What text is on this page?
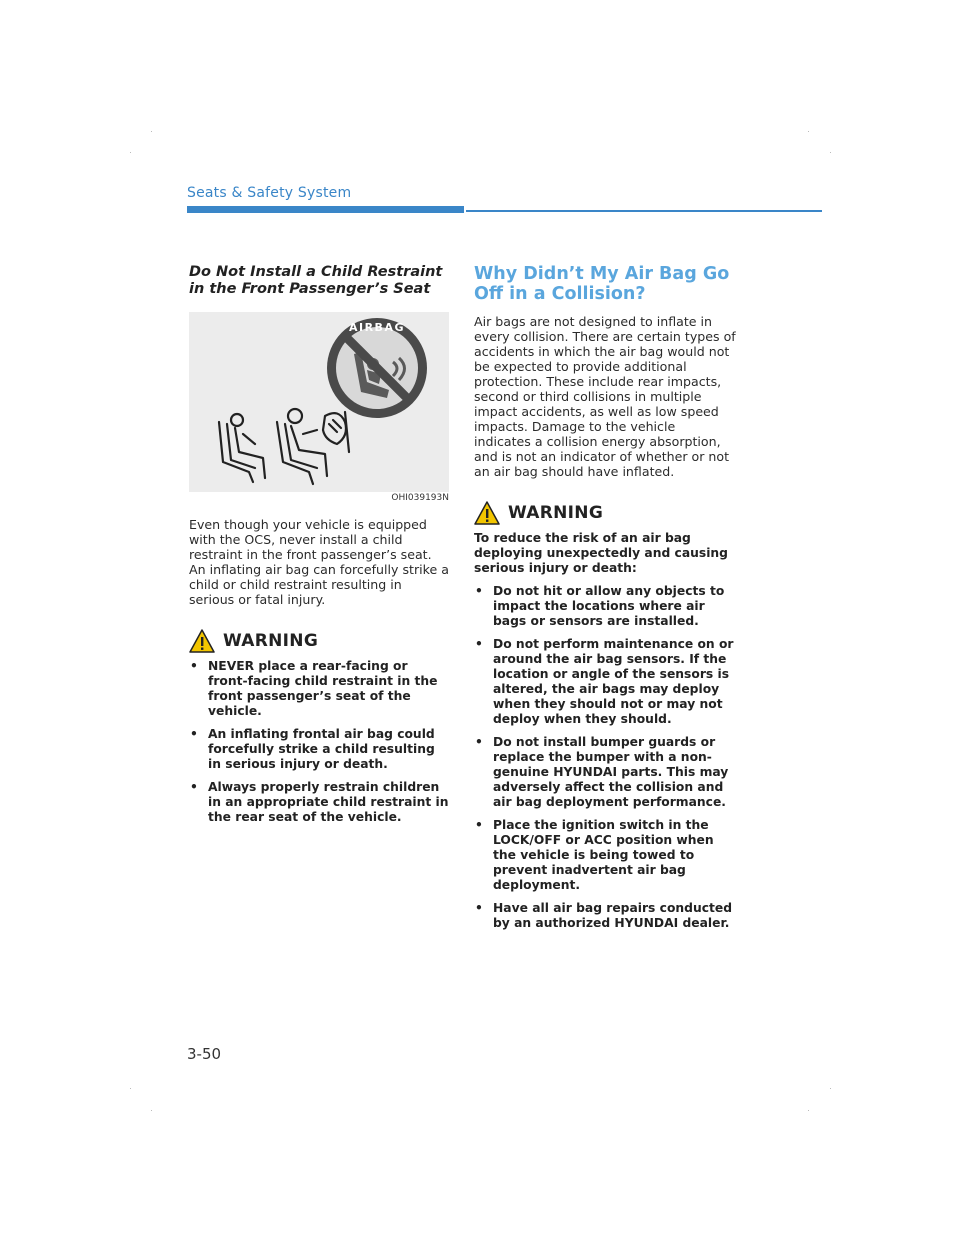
Seats & Safety System
Do Not Install a Child Restraint in the Front Passenger’s Seat
AIRBAG
OHI039193N

Even though your vehicle is equipped with the OCS, never install a child restraint in the front passenger’s seat. An inflating air bag can forcefully strike a child or child restraint resulting in serious or fatal injury.

WARNING
• NEVER place a rear-facing or front-facing child restraint in the front passenger’s seat of the vehicle.
• An inflating frontal air bag could forcefully strike a child resulting in serious injury or death.
• Always properly restrain children in an appropriate child restraint in the rear seat of the vehicle.
Why Didn’t My Air Bag Go Off in a Collision?

Air bags are not designed to inflate in every collision. There are certain types of accidents in which the air bag would not be expected to provide additional protection. These include rear impacts, second or third collisions in multiple impact accidents, as well as low speed impacts. Damage to the vehicle indicates a collision energy absorption, and is not an indicator of whether or not an air bag should have inflated.

WARNING

To reduce the risk of an air bag deploying unexpectedly and causing serious injury or death:

• Do not hit or allow any objects to impact the locations where air bags or sensors are installed.
• Do not perform maintenance on or around the air bag sensors. If the location or angle of the sensors is altered, the air bags may deploy when they should not or may not deploy when they should.
• Do not install bumper guards or replace the bumper with a non-genuine HYUNDAI parts. This may adversely affect the collision and air bag deployment performance.
• Place the ignition switch in the LOCK/OFF or ACC position when the vehicle is being towed to prevent inadvertent air bag deployment.
• Have all air bag repairs conducted by an authorized HYUNDAI dealer.
3-50
